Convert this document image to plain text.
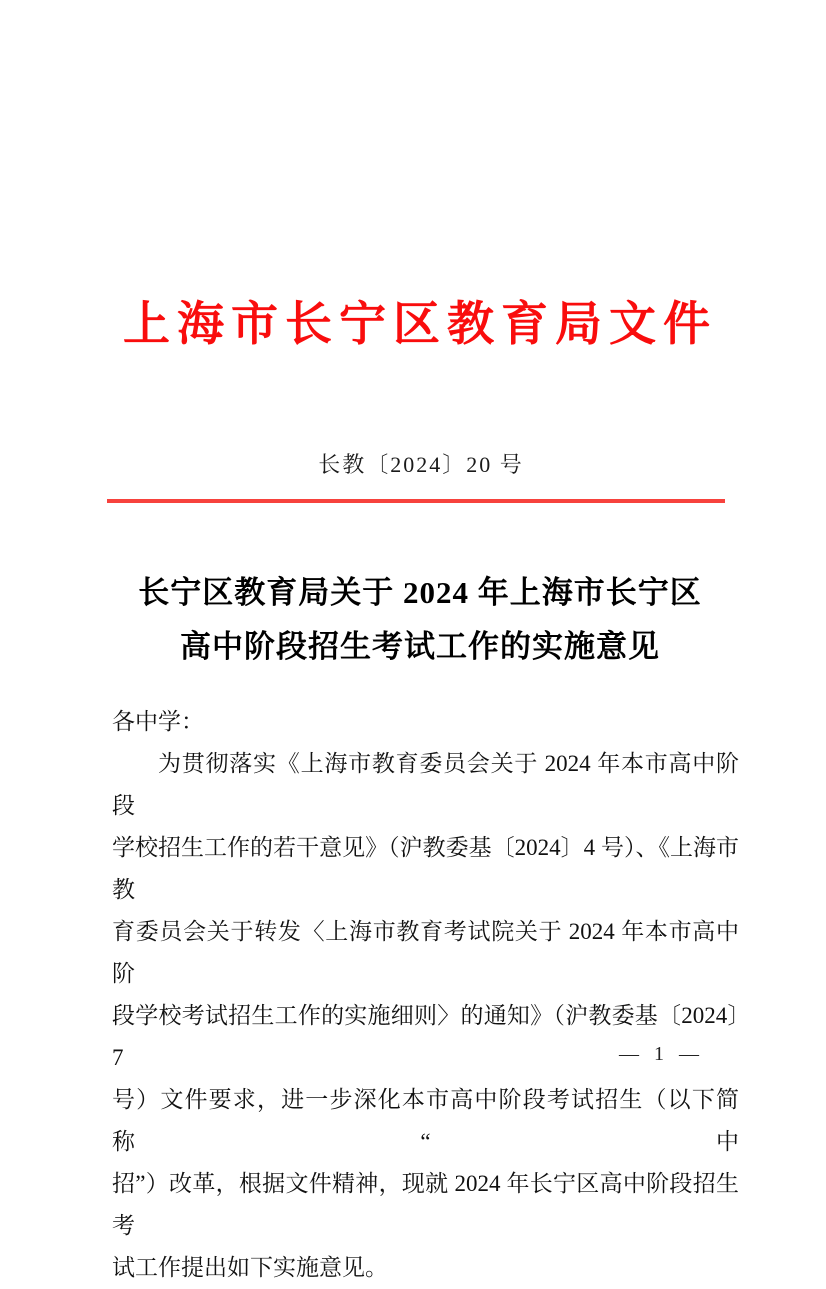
上海市长宁区教育局文件
长教〔2024〕20 号
长宁区教育局关于 2024 年上海市长宁区
高中阶段招生考试工作的实施意见
各中学：
为贯彻落实《上海市教育委员会关于 2024 年本市高中阶段
学校招生工作的若干意见》（沪教委基〔2024〕4 号）、《上海市教
育委员会关于转发〈上海市教育考试院关于 2024 年本市高中阶
段学校考试招生工作的实施细则〉的通知》（沪教委基〔2024〕7
号）文件要求，进一步深化本市高中阶段考试招生（以下简称“中
招”）改革，根据文件精神，现就 2024 年长宁区高中阶段招生考
试工作提出如下实施意见。
— 1 —
